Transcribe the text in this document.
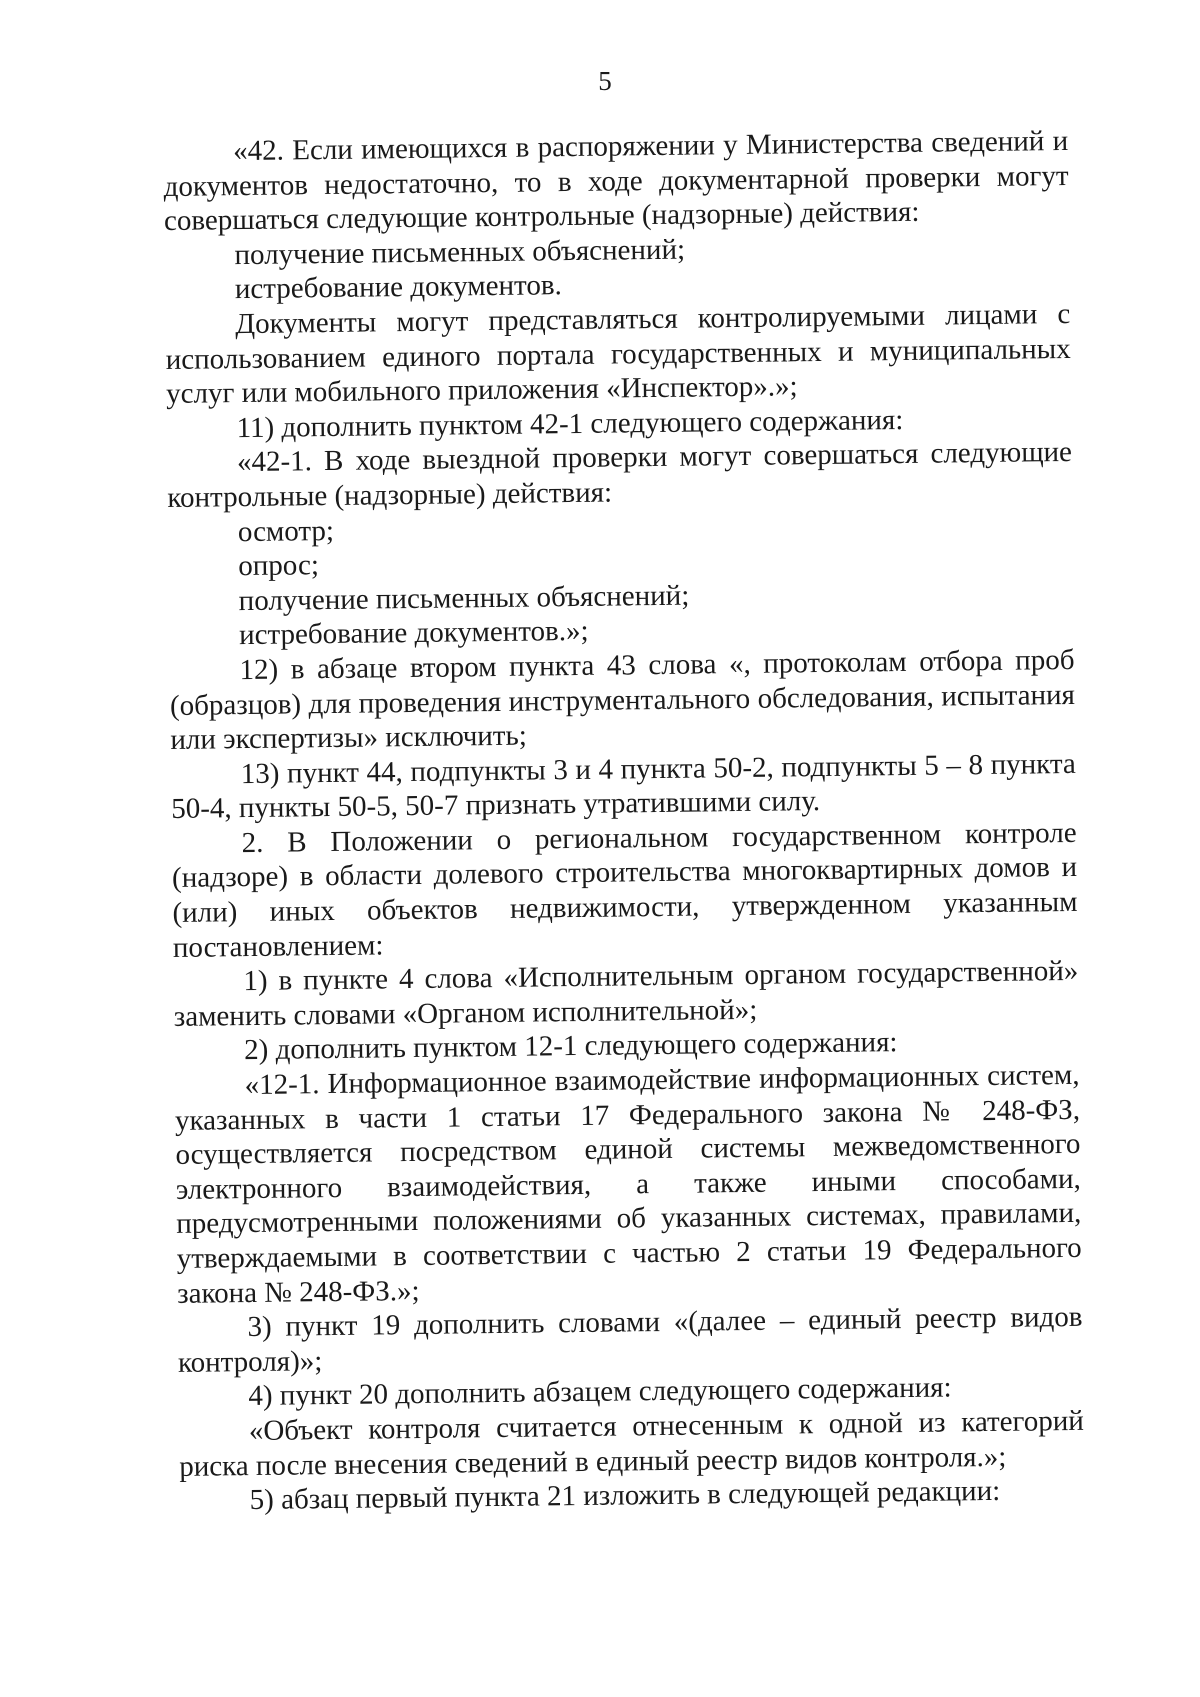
5

«42. Если имеющихся в распоряжении у Министерства сведений и документов недостаточно, то в ходе документарной проверки могут совершаться следующие контрольные (надзорные) действия:

получение письменных объяснений;

истребование документов.

Документы могут представляться контролируемыми лицами с использованием единого портала государственных и муниципальных услуг или мобильного приложения «Инспектор».»;

11) дополнить пунктом 42-1 следующего содержания:

«42-1. В ходе выездной проверки могут совершаться следующие контрольные (надзорные) действия:

осмотр;

опрос;

получение письменных объяснений;

истребование документов.»;

12) в абзаце втором пункта 43 слова «, протоколам отбора проб (образцов) для проведения инструментального обследования, испытания или экспертизы» исключить;

13) пункт 44, подпункты 3 и 4 пункта 50-2, подпункты 5 – 8 пункта 50-4, пункты 50-5, 50-7 признать утратившими силу.

2. В Положении о региональном государственном контроле (надзоре) в области долевого строительства многоквартирных домов и (или) иных объектов недвижимости, утвержденном указанным постановлением:

1) в пункте 4 слова «Исполнительным органом государственной» заменить словами «Органом исполнительной»;

2) дополнить пунктом 12-1 следующего содержания:

«12-1. Информационное взаимодействие информационных систем, указанных в части 1 статьи 17 Федерального закона № 248-ФЗ, осуществляется посредством единой системы межведомственного электронного взаимодействия, а также иными способами, предусмотренными положениями об указанных системах, правилами, утверждаемыми в соответствии с частью 2 статьи 19 Федерального закона № 248-ФЗ.»;

3) пункт 19 дополнить словами «(далее – единый реестр видов контроля)»;

4) пункт 20 дополнить абзацем следующего содержания:

«Объект контроля считается отнесенным к одной из категорий риска после внесения сведений в единый реестр видов контроля.»;

5) абзац первый пункта 21 изложить в следующей редакции:
